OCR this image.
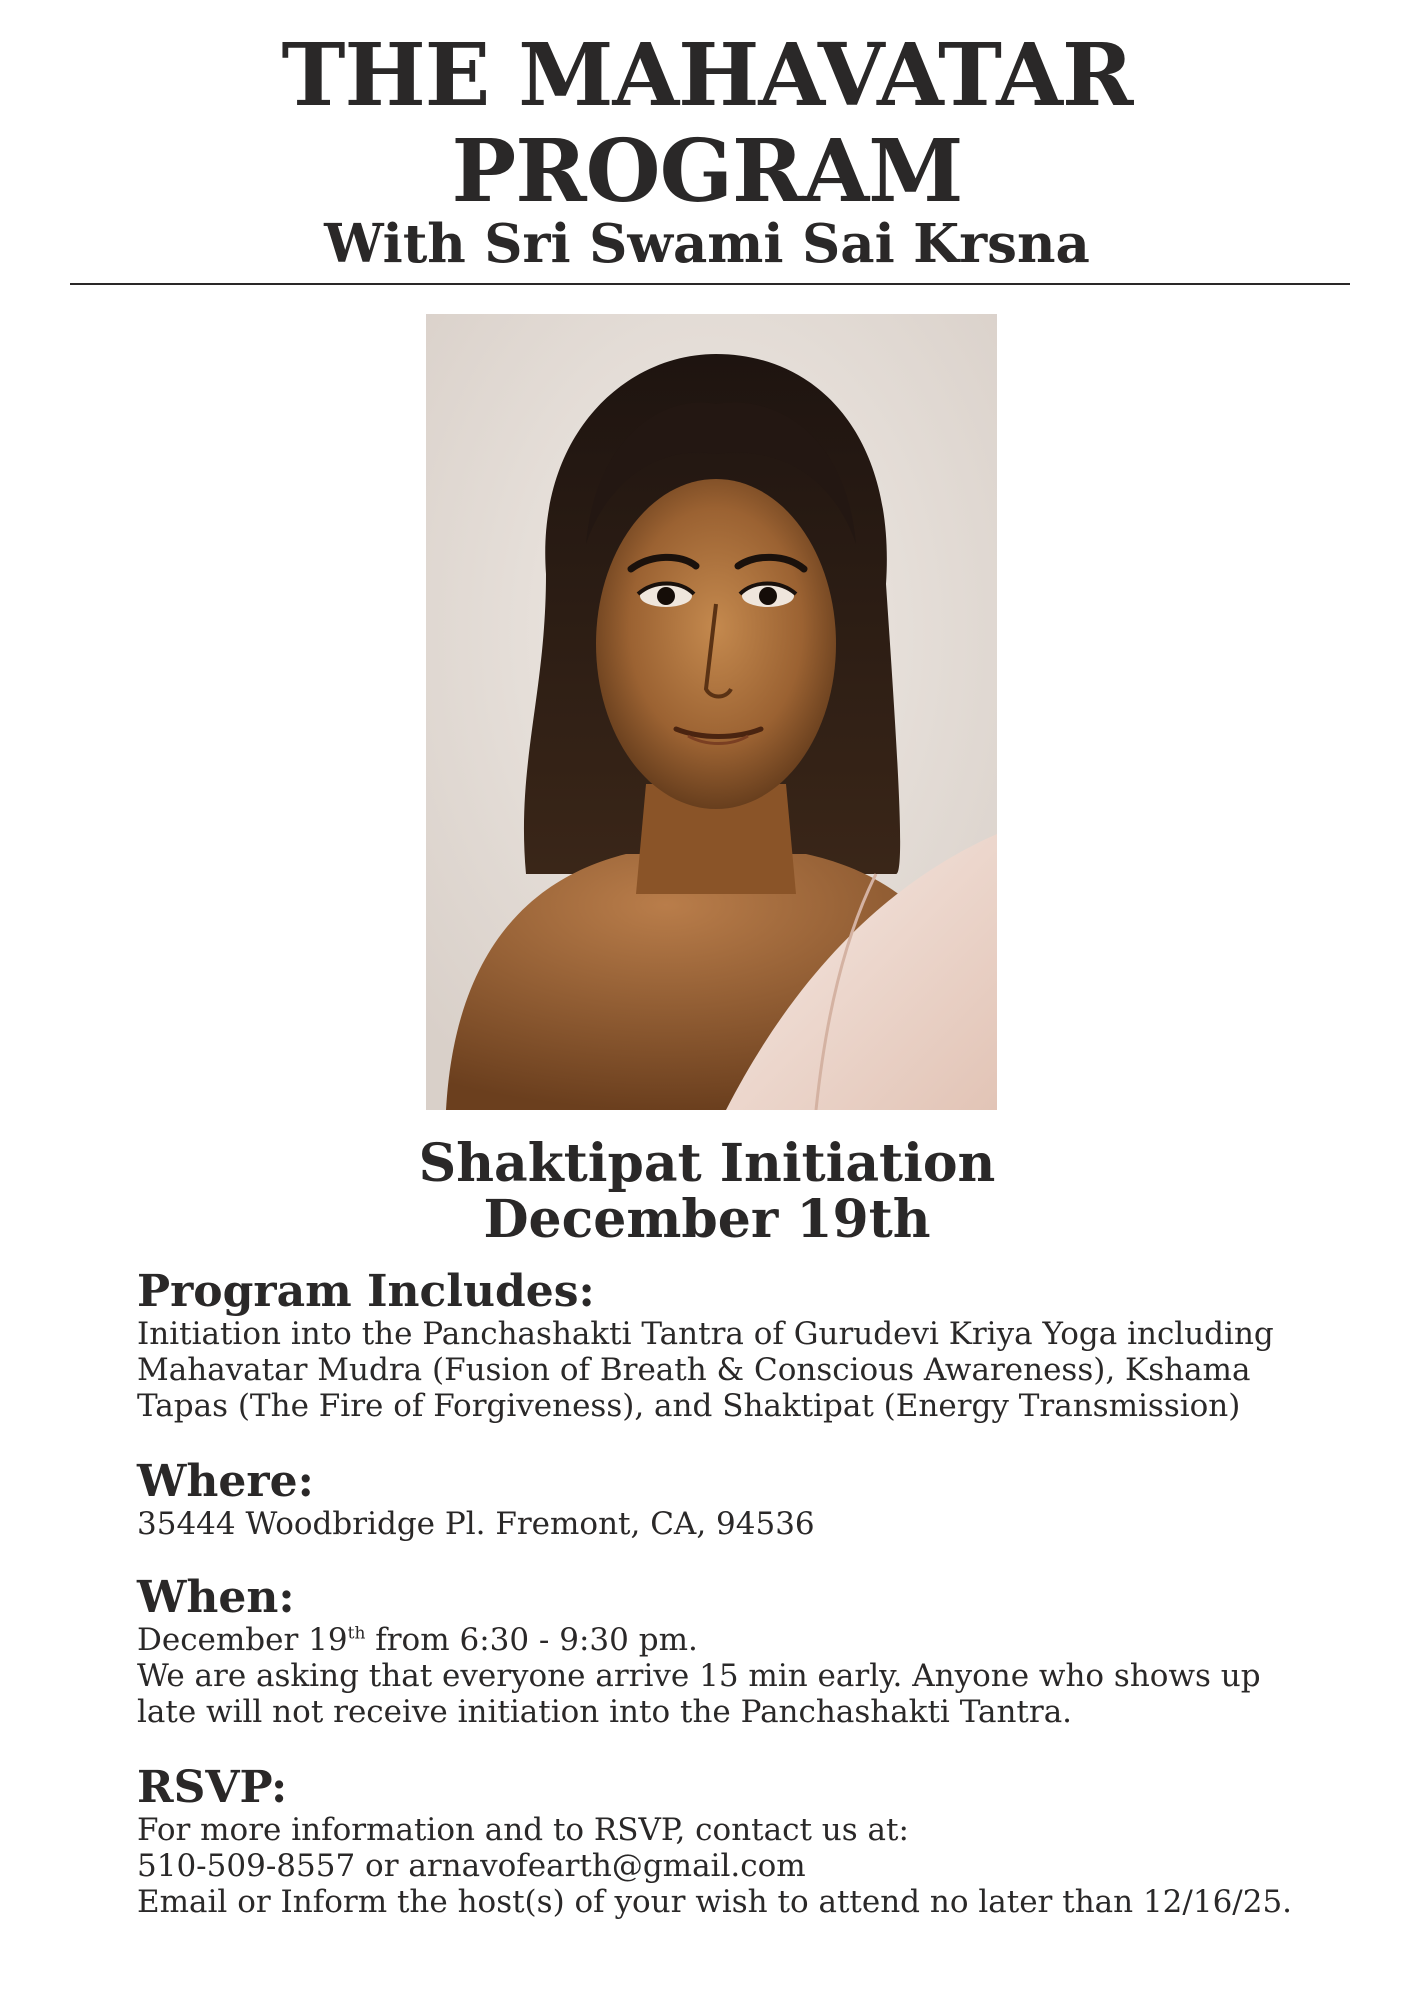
THE MAHAVATAR
PROGRAM
With Sri Swami Sai Krsna
Shaktipat Initiation
December 19th
Program Includes:

Initiation into the Panchashakti Tantra of Gurudevi Kriya Yoga including

Mahavatar Mudra (Fusion of Breath & Conscious Awareness), Kshama

Tapas (The Fire of Forgiveness), and Shaktipat (Energy Transmission)

Where:

35444 Woodbridge Pl. Fremont, CA, 94536

When:

December 19th from 6:30 - 9:30 pm.

We are asking that everyone arrive 15 min early. Anyone who shows up

late will not receive initiation into the Panchashakti Tantra.

RSVP:

For more information and to RSVP, contact us at:

510-509-8557 or arnavofearth@gmail.com

Email or Inform the host(s) of your wish to attend no later than 12/16/25.
